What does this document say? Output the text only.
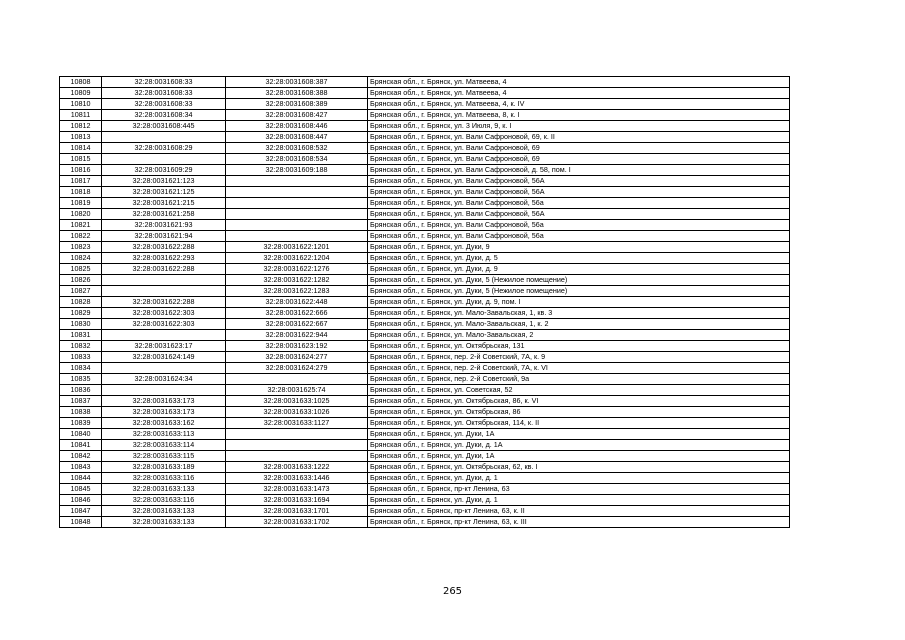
10808	32:28:0031608:33	32:28:0031608:387	Брянская обл., г. Брянск, ул. Матвеева, 4
10809	32:28:0031608:33	32:28:0031608:388	Брянская обл., г. Брянск, ул. Матвеева, 4
10810	32:28:0031608:33	32:28:0031608:389	Брянская обл., г. Брянск, ул. Матвеева, 4, к. IV
10811	32:28:0031608:34	32:28:0031608:427	Брянская обл., г. Брянск, ул. Матвеева, 8, к. I
10812	32:28:0031608:445	32:28:0031608:446	Брянская обл., г. Брянск, ул. 3 Июля, 9, к. I
10813		32:28:0031608:447	Брянская обл., г. Брянск, ул. Вали Сафроновой, 69, к. II
10814	32:28:0031608:29	32:28:0031608:532	Брянская обл., г. Брянск, ул. Вали Сафроновой, 69
10815		32:28:0031608:534	Брянская обл., г. Брянск, ул. Вали Сафроновой, 69
10816	32:28:0031609:29	32:28:0031609:188	Брянская обл., г. Брянск, ул. Вали Сафроновой, д. 58, пом. I
10817	32:28:0031621:123		Брянская обл., г. Брянск, ул. Вали Сафроновой, 56А
10818	32:28:0031621:125		Брянская обл., г. Брянск, ул. Вали Сафроновой, 56А
10819	32:28:0031621:215		Брянская обл., г. Брянск, ул. Вали Сафроновой, 56а
10820	32:28:0031621:258		Брянская обл., г. Брянск, ул. Вали Сафроновой, 56А
10821	32:28:0031621:93		Брянская обл., г. Брянск, ул. Вали Сафроновой, 56а
10822	32:28:0031621:94		Брянская обл., г. Брянск, ул. Вали Сафроновой, 56а
10823	32:28:0031622:288	32:28:0031622:1201	Брянская обл., г. Брянск, ул. Дуки, 9
10824	32:28:0031622:293	32:28:0031622:1204	Брянская обл., г. Брянск, ул. Дуки, д. 5
10825	32:28:0031622:288	32:28:0031622:1276	Брянская обл., г. Брянск, ул. Дуки, д. 9
10826		32:28:0031622:1282	Брянская обл., г. Брянск, ул. Дуки, 5 (Нежилое помещение)
10827		32:28:0031622:1283	Брянская обл., г. Брянск, ул. Дуки, 5 (Нежилое помещение)
10828	32:28:0031622:288	32:28:0031622:448	Брянская обл., г. Брянск, ул. Дуки, д. 9, пом. I
10829	32:28:0031622:303	32:28:0031622:666	Брянская обл., г. Брянск, ул. Мало-Завальская, 1, кв. 3
10830	32:28:0031622:303	32:28:0031622:667	Брянская обл., г. Брянск, ул. Мало-Завальская, 1, к. 2
10831		32:28:0031622:944	Брянская обл., г. Брянск, ул. Мало-Завальская, 2
10832	32:28:0031623:17	32:28:0031623:192	Брянская обл., г. Брянск, ул. Октябрьская, 131
10833	32:28:0031624:149	32:28:0031624:277	Брянская обл., г. Брянск, пер. 2-й Советский, 7А, к. 9
10834		32:28:0031624:279	Брянская обл., г. Брянск, пер. 2-й Советский, 7А, к. VI
10835	32:28:0031624:34		Брянская обл., г. Брянск, пер. 2-й Советский, 9а
10836		32:28:0031625:74	Брянская обл., г. Брянск, ул. Советская, 52
10837	32:28:0031633:173	32:28:0031633:1025	Брянская обл., г. Брянск, ул. Октябрьская, 86, к. VI
10838	32:28:0031633:173	32:28:0031633:1026	Брянская обл., г. Брянск, ул. Октябрьская, 86
10839	32:28:0031633:162	32:28:0031633:1127	Брянская обл., г. Брянск, ул. Октябрьская, 114, к. II
10840	32:28:0031633:113		Брянская обл., г. Брянск, ул. Дуки, 1А
10841	32:28:0031633:114		Брянская обл., г. Брянск, ул. Дуки, д. 1А
10842	32:28:0031633:115		Брянская обл., г. Брянск, ул. Дуки, 1А
10843	32:28:0031633:189	32:28:0031633:1222	Брянская обл., г. Брянск, ул. Октябрьская, 62, кв. I
10844	32:28:0031633:116	32:28:0031633:1446	Брянская обл., г. Брянск, ул. Дуки, д. 1
10845	32:28:0031633:133	32:28:0031633:1473	Брянская обл., г. Брянск, пр-кт Ленина, 63
10846	32:28:0031633:116	32:28:0031633:1694	Брянская обл., г. Брянск, ул. Дуки, д. 1
10847	32:28:0031633:133	32:28:0031633:1701	Брянская обл., г. Брянск, пр-кт Ленина, 63, к. II
10848	32:28:0031633:133	32:28:0031633:1702	Брянская обл., г. Брянск, пр-кт Ленина, 63, к. III
265
